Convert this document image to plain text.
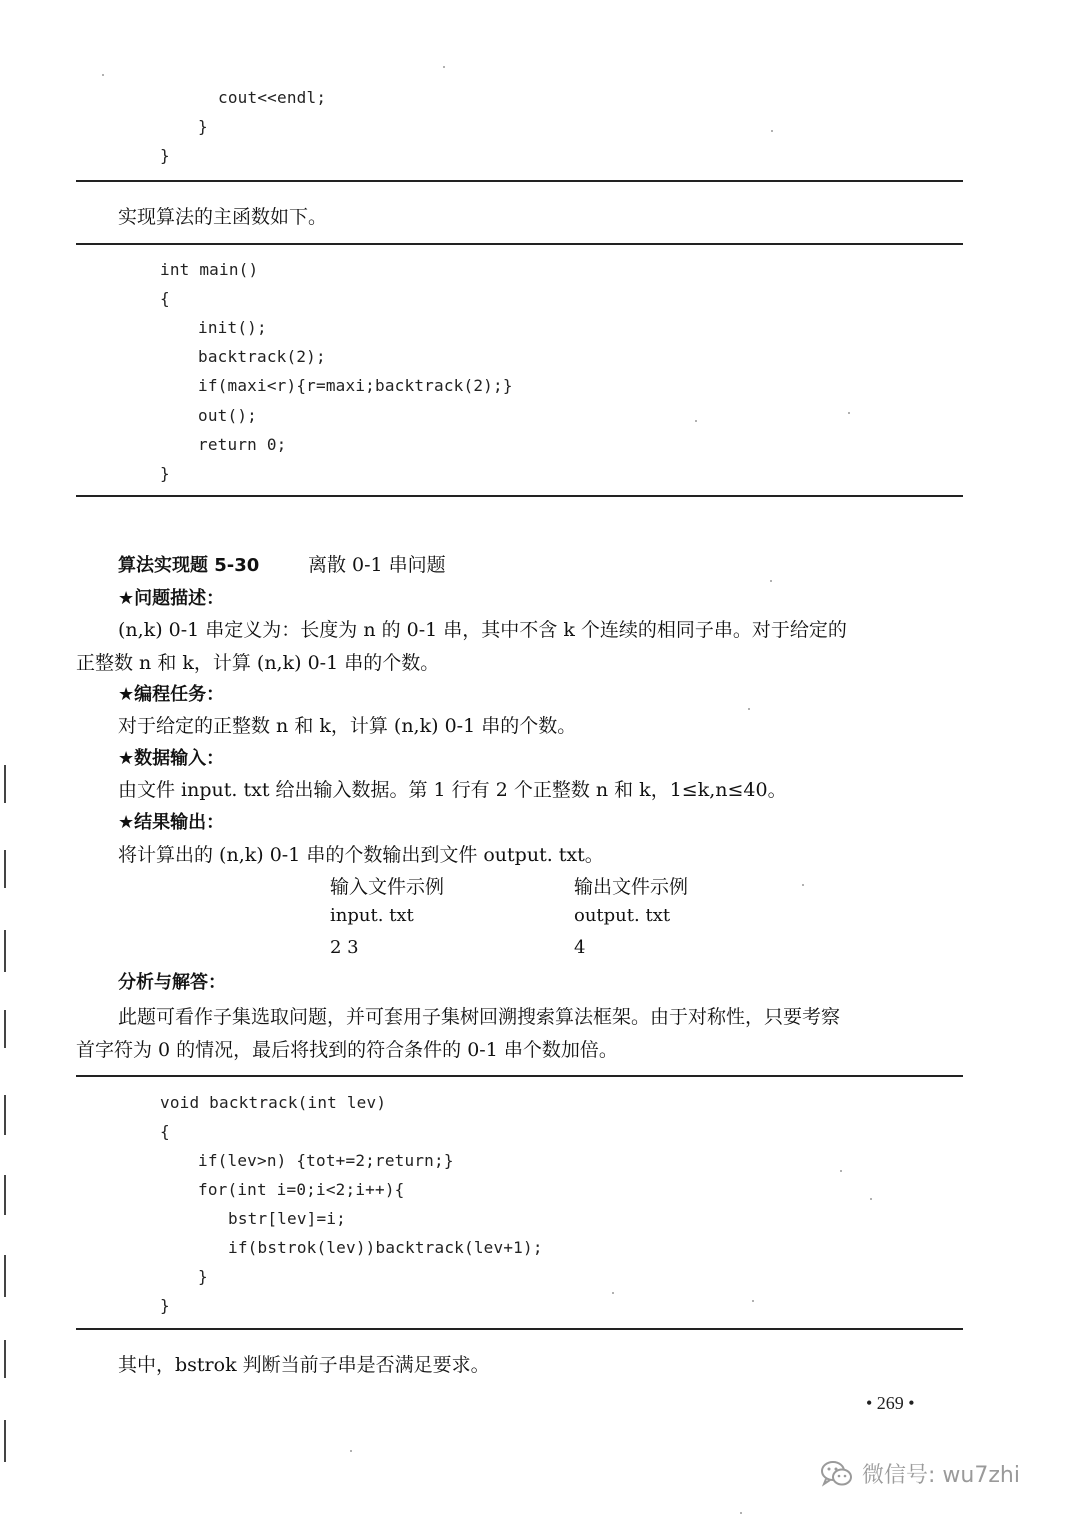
cout<<endl;
}
}
实现算法的主函数如下。
int main()
{
init();
backtrack(2);
if(maxi<r){r=maxi;backtrack(2);}
out();
return 0;
}
算法实现题 5-30	离散 0-1 串问题
★问题描述：
(n,k) 0-1 串定义为：长度为 n 的 0-1 串，其中不含 k 个连续的相同子串。对于给定的
正整数 n 和 k，计算 (n,k) 0-1 串的个数。
★编程任务：
对于给定的正整数 n 和 k，计算 (n,k) 0-1 串的个数。
★数据输入：
由文件 input. txt 给出输入数据。第 1 行有 2 个正整数 n 和 k，1≤k,n≤40。
★结果输出：
将计算出的 (n,k) 0-1 串的个数输出到文件 output. txt。
输入文件示例	输出文件示例
input. txt	output. txt
2 3	4
分析与解答：
此题可看作子集选取问题，并可套用子集树回溯搜索算法框架。由于对称性，只要考察
首字符为 0 的情况，最后将找到的符合条件的 0-1 串个数加倍。
void backtrack(int lev)
{
if(lev>n) {tot+=2;return;}
for(int i=0;i<2;i++){
bstr[lev]=i;
if(bstrok(lev))backtrack(lev+1);
}
}
其中，bstrok 判断当前子串是否满足要求。
• 269 •
微信号: wu7zhi
